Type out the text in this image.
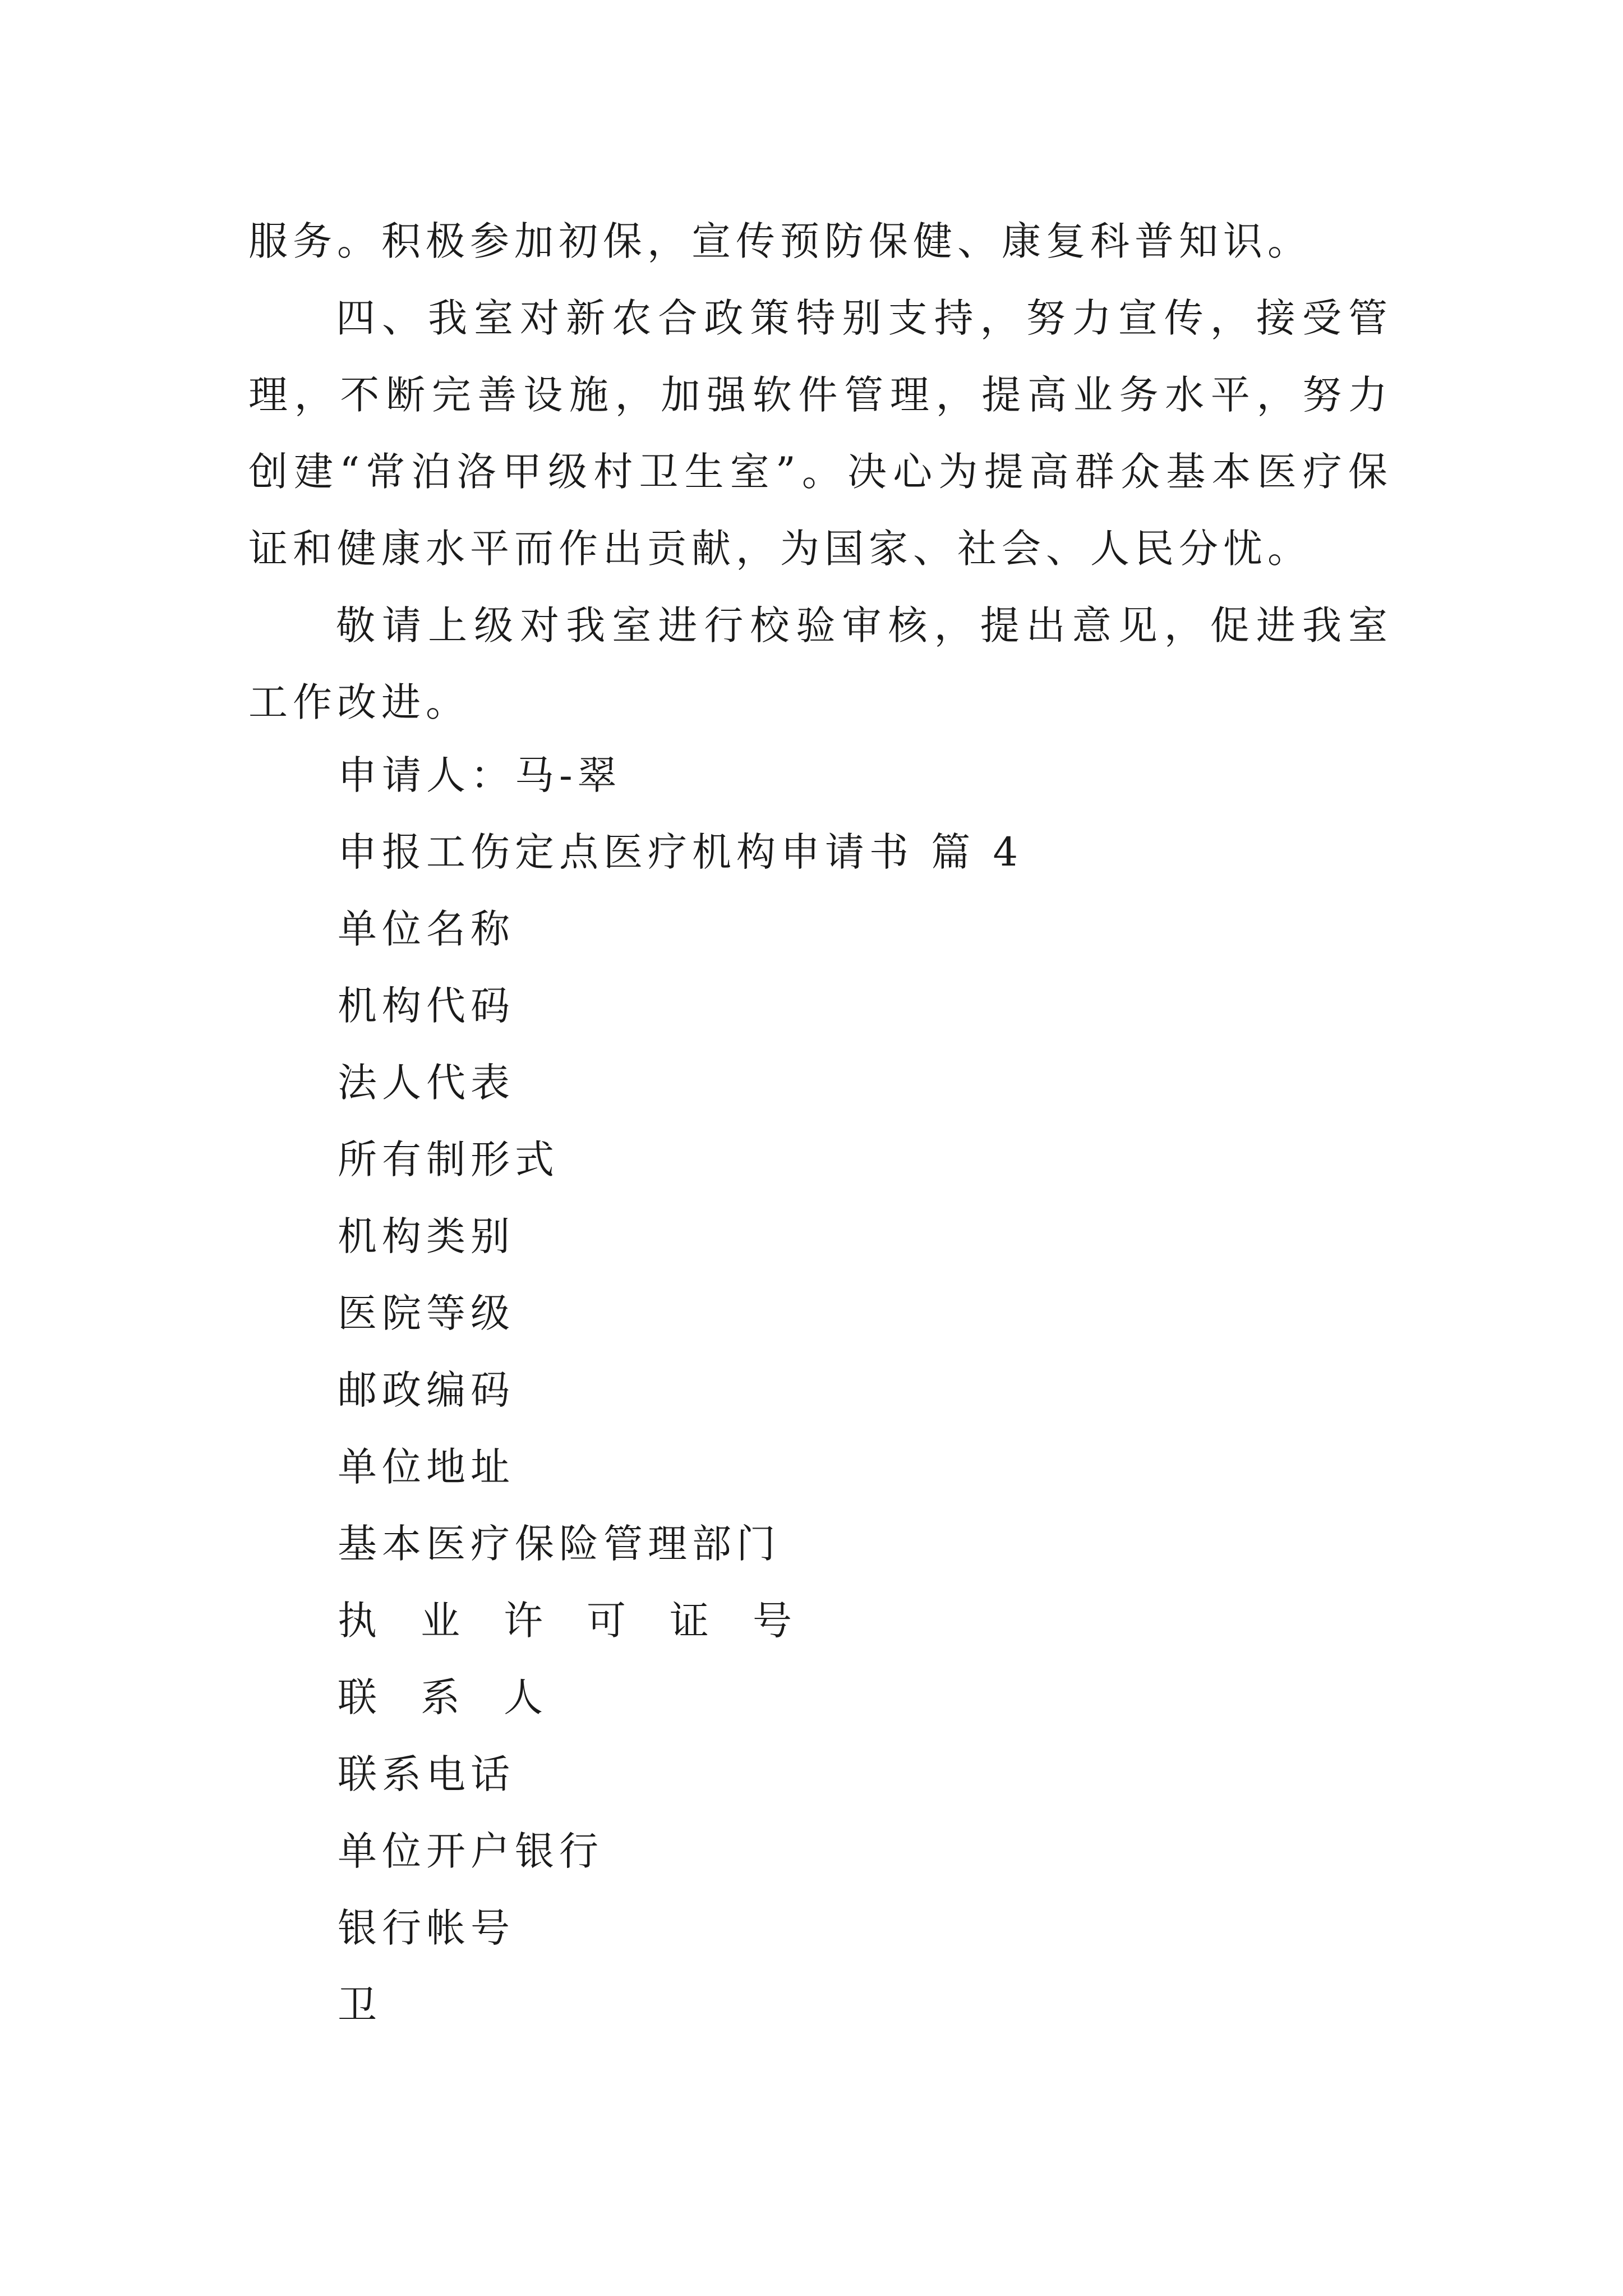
服务。积极参加初保，宣传预防保健、康复科普知识。

四、我室对新农合政策特别支持，努力宣传，接受管理，不断完善设施，加强软件管理，提高业务水平，努力创建“常泊洛甲级村卫生室”。决心为提高群众基本医疗保证和健康水平而作出贡献，为国家、社会、人民分忧。

敬请上级对我室进行校验审核，提出意见，促进我室工作改进。

申请人：马-翠

申报工伤定点医疗机构申请书 篇 4

单位名称

机构代码

法人代表

所有制形式

机构类别

医院等级

邮政编码

单位地址

基本医疗保险管理部门

执业许可证号

联系人

联系电话

单位开户银行

银行帐号

卫
